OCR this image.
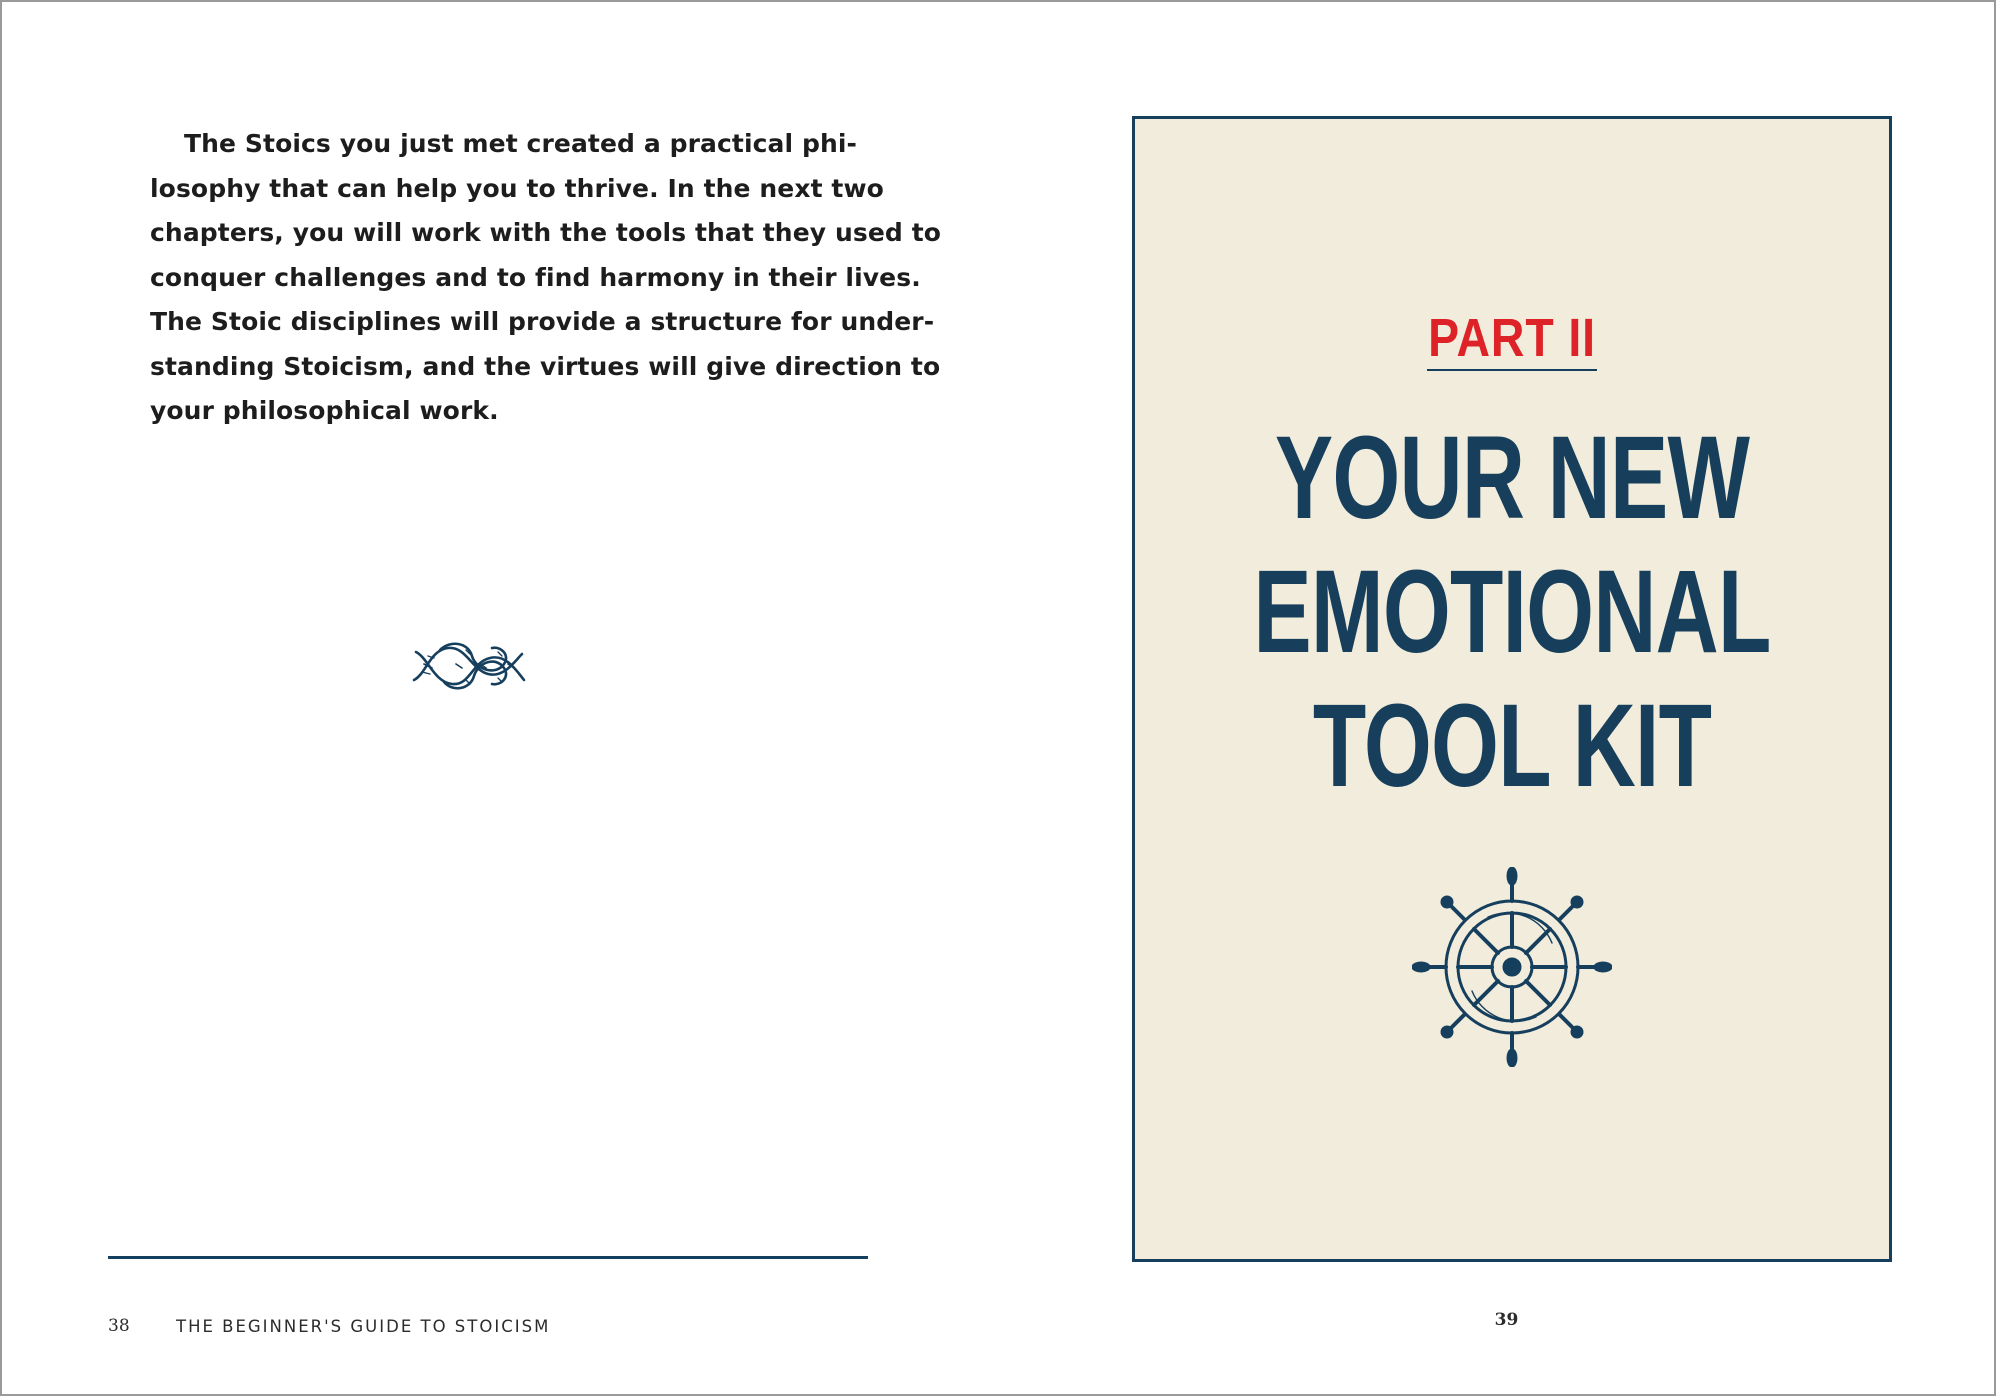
The Stoics you just met created a practical phi-
losophy that can help you to thrive. In the next two
chapters, you will work with the tools that they used to
conquer challenges and to find harmony in their lives.
The Stoic disciplines will provide a structure for under-
standing Stoicism, and the virtues will give direction to
your philosophical work.

38	THE BEGINNER'S GUIDE TO STOICISM
PART II
YOUR NEW
EMOTIONAL
TOOL KIT
39
